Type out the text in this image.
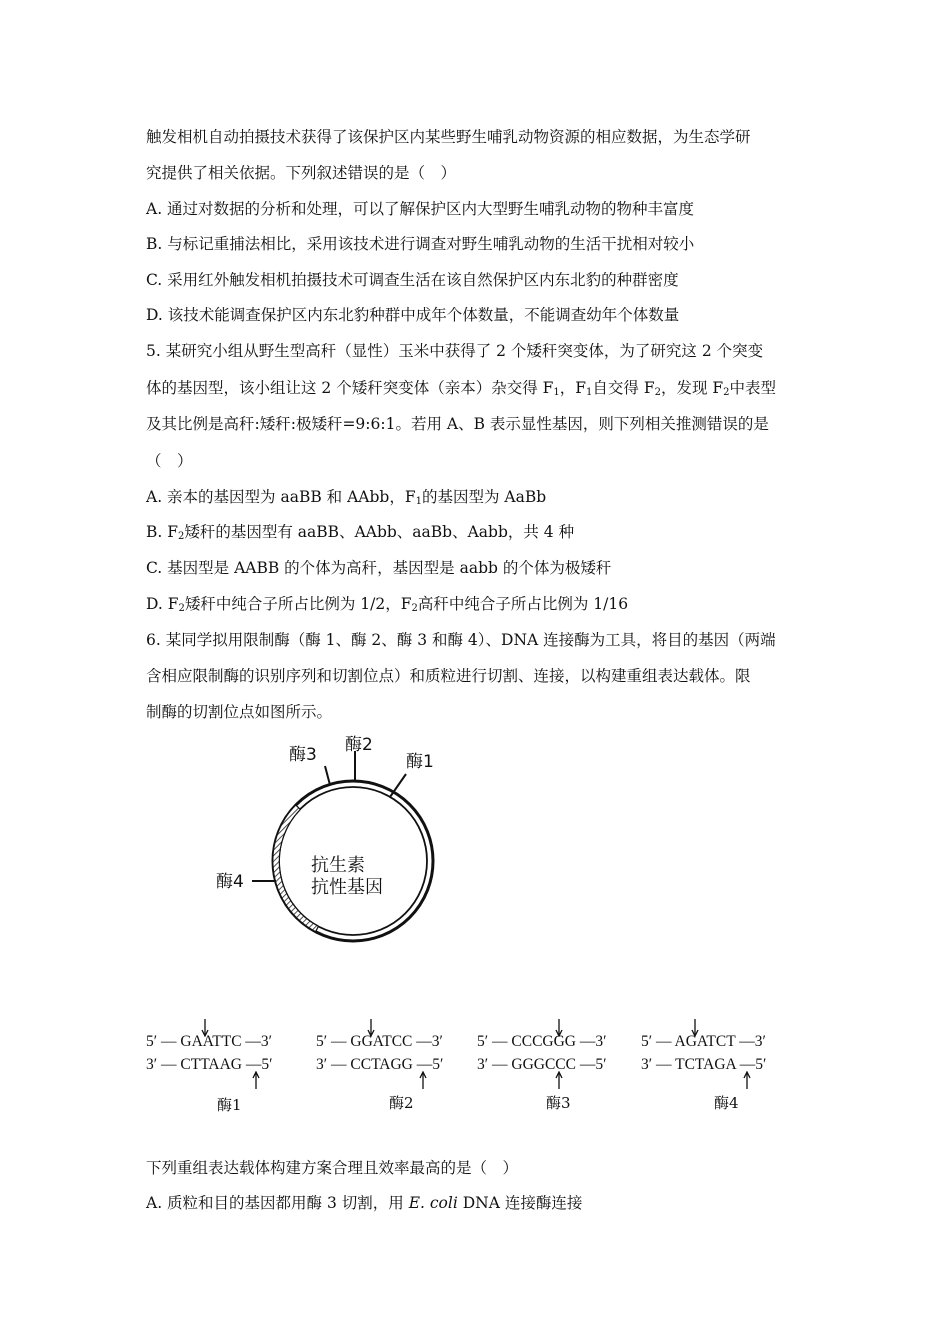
触发相机自动拍摄技术获得了该保护区内某些野生哺乳动物资源的相应数据，为生态学研
究提供了相关依据。下列叙述错误的是（　）
A. 通过对数据的分析和处理，可以了解保护区内大型野生哺乳动物的物种丰富度
B. 与标记重捕法相比，采用该技术进行调查对野生哺乳动物的生活干扰相对较小
C. 采用红外触发相机拍摄技术可调查生活在该自然保护区内东北豹的种群密度
D. 该技术能调查保护区内东北豹种群中成年个体数量，不能调查幼年个体数量
5. 某研究小组从野生型高秆（显性）玉米中获得了 2 个矮秆突变体，为了研究这 2 个突变
体的基因型，该小组让这 2 个矮秆突变体（亲本）杂交得 $F_1$，$F_1$自交得 $F_2$，发现 $F_2$中表型
及其比例是高秆:矮秆:极矮秆=9:6:1。若用 A、B 表示显性基因，则下列相关推测错误的是
（　）
A. 亲本的基因型为 aaBB 和 AAbb，$F_1$的基因型为 AaBb
B. $F_2$矮秆的基因型有 aaBB、AAbb、aaBb、Aabb，共 4 种
C. 基因型是 AABB 的个体为高秆，基因型是 aabb 的个体为极矮秆
D. $F_2$矮秆中纯合子所占比例为 1/2，$F_2$高秆中纯合子所占比例为 1/16
6. 某同学拟用限制酶（酶 1、酶 2、酶 3 和酶 4）、DNA 连接酶为工具，将目的基因（两端
含相应限制酶的识别序列和切割位点）和质粒进行切割、连接，以构建重组表达载体。限
制酶的切割位点如图所示。
酶3 酶2
酶1
酶4
抗生素
抗性基因
5′ — GAATTC —3′
3′ — CTTAAG —5′
酶1
5′ — GGATCC —3′
3′ — CCTAGG —5′
酶2
5′ — CCCGGG —3′
3′ — GGGCCC —5′
酶3
5′ — AGATCT —3′
3′ — TCTAGA —5′
酶4
下列重组表达载体构建方案合理且效率最高的是（　）
A. 质粒和目的基因都用酶 3 切割，用 E. coli DNA 连接酶连接
